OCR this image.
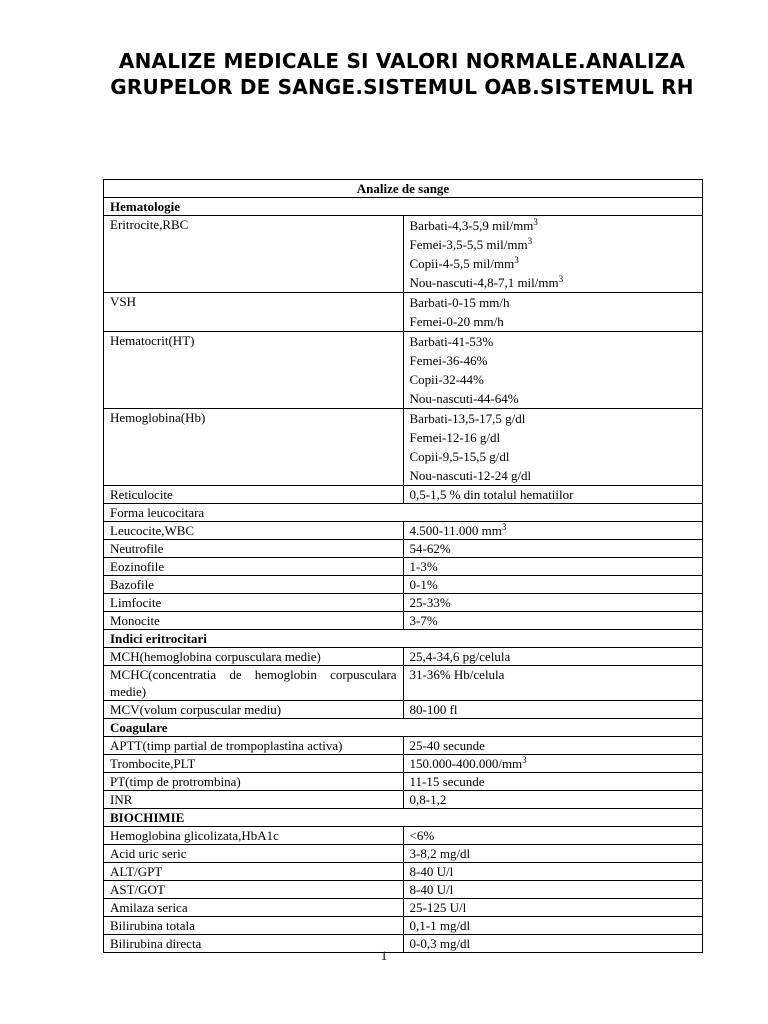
ANALIZE MEDICALE SI VALORI NORMALE.ANALIZA GRUPELOR DE SANGE.SISTEMUL OAB.SISTEMUL RH
Analize de sange	
Hematologie	
Eritrocite,RBC	Barbati-4,3-5,9 mil/$mm^3$
Femei-3,5-5,5 mil/$mm^3$
Copii-4-5,5 mil/$mm^3$
Nou-nascuti-4,8-7,1 mil/$mm^3$

VSH	Barbati-0-15 mm/h
Femei-0-20 mm/h

Hematocrit(HT)	Barbati-41-53%
Femei-36-46%
Copii-32-44%
Nou-nascuti-44-64%

Hemoglobina(Hb)	Barbati-13,5-17,5 g/dl
Femei-12-16 g/dl
Copii-9,5-15,5 g/dl
Nou-nascuti-12-24 g/dl

Reticulocite	0,5-1,5 % din totalul hematiilor

Forma leucocitara	
Leucocite,WBC	4.500-11.000 $mm^3$

Neutrofile	54-62%

Eozinofile	1-3%

Bazofile	0-1%

Limfocite	25-33%

Monocite	3-7%

Indici eritrocitari	
MCH(hemoglobina corpusculara medie)	25,4-34,6 pg/celula

MCHC(concentratia de hemoglobin corpusculara medie)	31-36% Hb/celula

MCV(volum corpuscular mediu)	80-100 fl

Coagulare	
APTT(timp partial de trompoplastina activa)	25-40 secunde

Trombocite,PLT	$150.000-400.000/mm^3$

PT(timp de protrombina)	11-15 secunde

INR	0,8-1,2

BIOCHIMIE	
Hemoglobina glicolizata,HbA1c	<6%

Acid uric seric	3-8,2 mg/dl

ALT/GPT	8-40 U/l

AST/GOT	8-40 U/l

Amilaza serica	25-125 U/l

Bilirubina totala	0,1-1 mg/dl

Bilirubina directa	0-0,3 mg/dl
1
